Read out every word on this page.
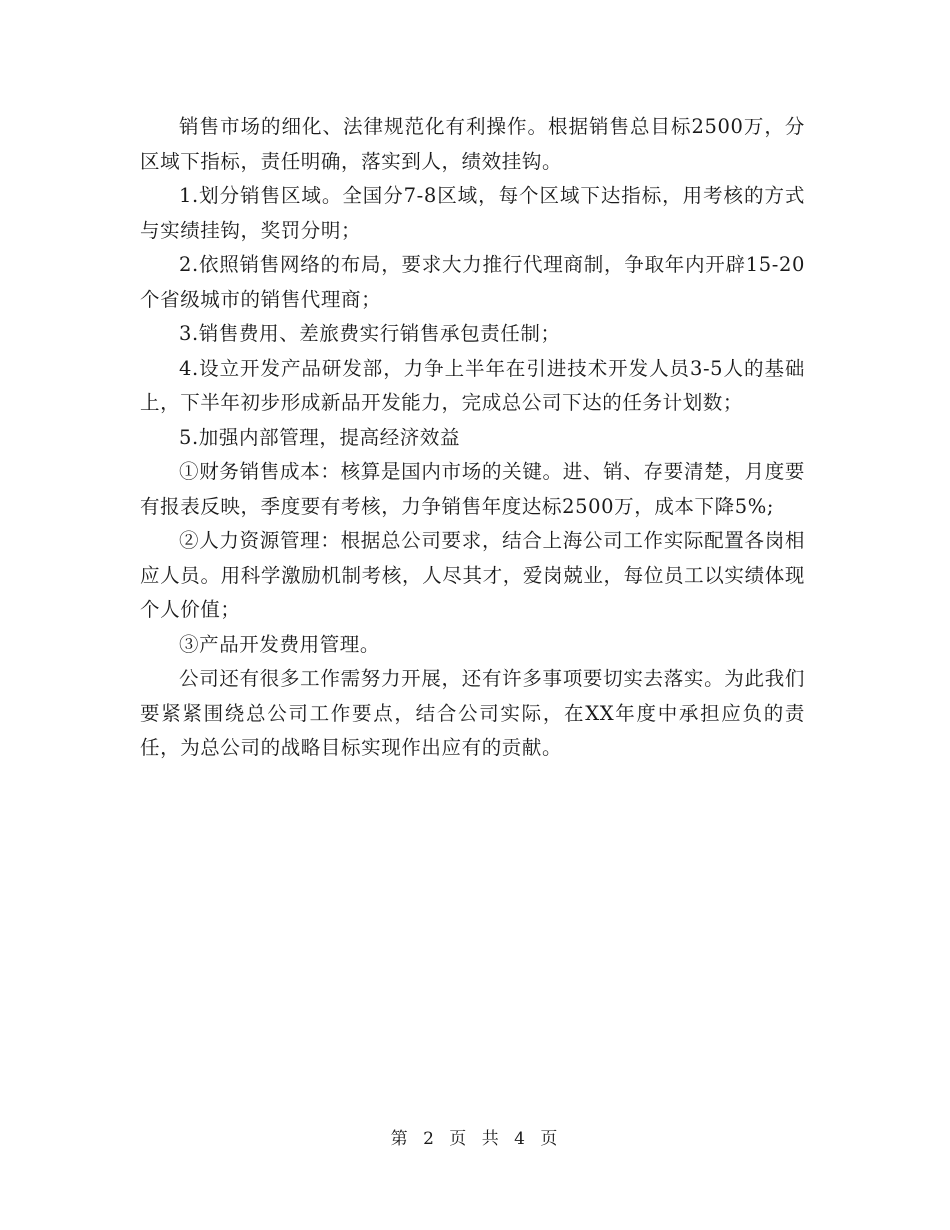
销售市场的细化、法律规范化有利操作。根据销售总目标2500万，分区域下指标，责任明确，落实到人，绩效挂钩。

1.划分销售区域。全国分7-8区域，每个区域下达指标，用考核的方式与实绩挂钩，奖罚分明；

2.依照销售网络的布局，要求大力推行代理商制，争取年内开辟15-20个省级城市的销售代理商；

3.销售费用、差旅费实行销售承包责任制；

4.设立开发产品研发部，力争上半年在引进技术开发人员3-5人的基础上，下半年初步形成新品开发能力，完成总公司下达的任务计划数；

5.加强内部管理，提高经济效益

①财务销售成本：核算是国内市场的关键。进、销、存要清楚，月度要有报表反映，季度要有考核，力争销售年度达标2500万，成本下降5%;

②人力资源管理：根据总公司要求，结合上海公司工作实际配置各岗相应人员。用科学激励机制考核，人尽其才，爱岗兢业，每位员工以实绩体现个人价值；

③产品开发费用管理。

公司还有很多工作需努力开展，还有许多事项要切实去落实。为此我们要紧紧围绕总公司工作要点，结合公司实际，在XX年度中承担应负的责任，为总公司的战略目标实现作出应有的贡献。

第 2 页 共 4 页
